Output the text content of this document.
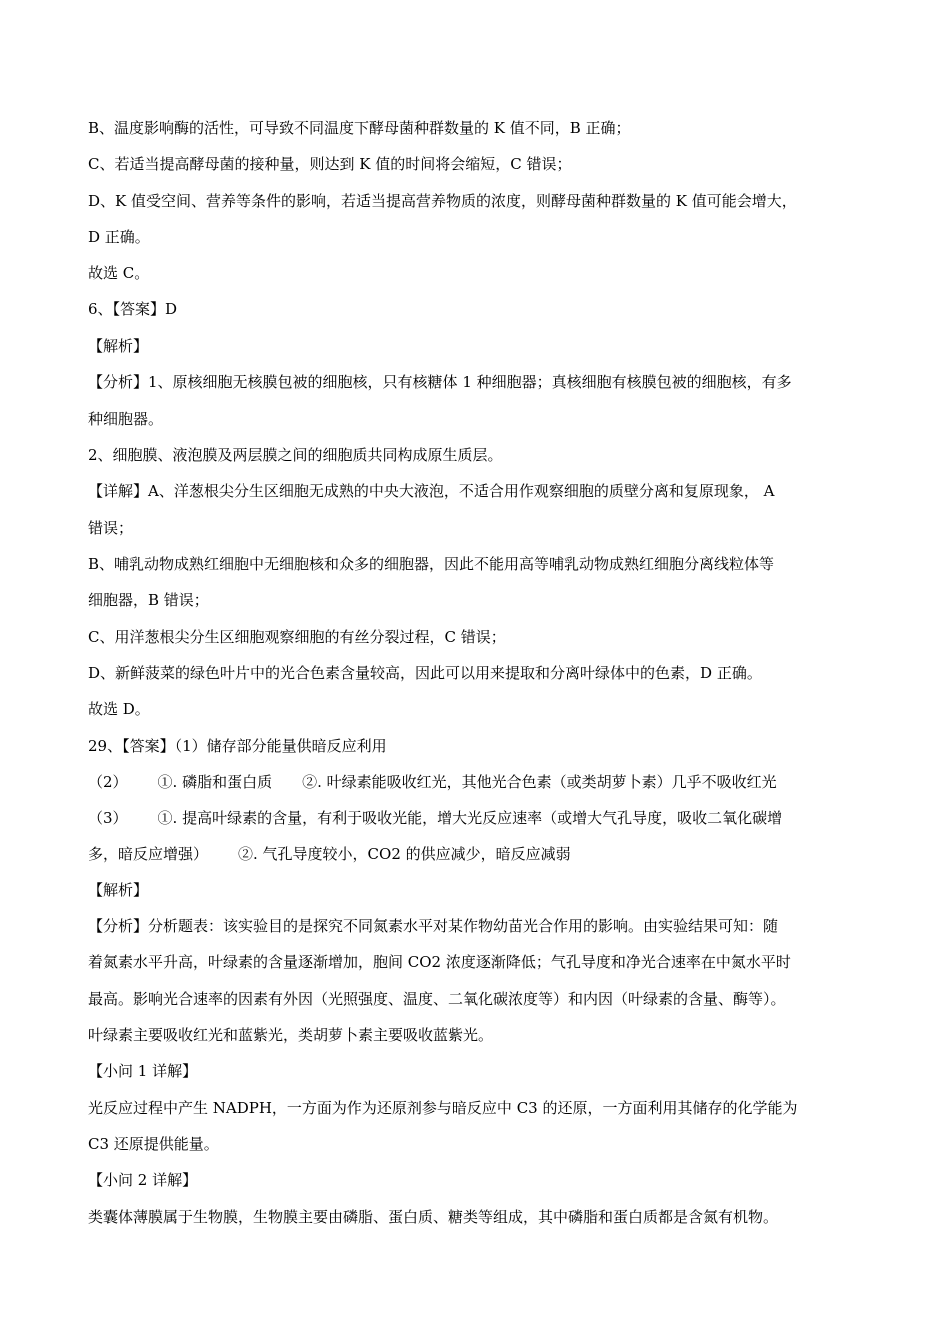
B、温度影响酶的活性，可导致不同温度下酵母菌种群数量的 K 值不同，B 正确；
C、若适当提高酵母菌的接种量，则达到 K 值的时间将会缩短，C 错误；
D、K 值受空间、营养等条件的影响，若适当提高营养物质的浓度，则酵母菌种群数量的 K 值可能会增大，
D 正确。
故选 C。
6、【答案】D
【解析】
【分析】1、原核细胞无核膜包被的细胞核，只有核糖体 1 种细胞器；真核细胞有核膜包被的细胞核，有多
种细胞器。
2、细胞膜、液泡膜及两层膜之间的细胞质共同构成原生质层。
【详解】A、洋葱根尖分生区细胞无成熟的中央大液泡，不适合用作观察细胞的质壁分离和复原现象， A
错误；
B、哺乳动物成熟红细胞中无细胞核和众多的细胞器，因此不能用高等哺乳动物成熟红细胞分离线粒体等
细胞器，B 错误；
C、用洋葱根尖分生区细胞观察细胞的有丝分裂过程，C 错误；
D、新鲜菠菜的绿色叶片中的光合色素含量较高，因此可以用来提取和分离叶绿体中的色素，D 正确。
故选 D。
29、【答案】（1）储存部分能量供暗反应利用
（2） ①. 磷脂和蛋白质 ②. 叶绿素能吸收红光，其他光合色素（或类胡萝卜素）几乎不吸收红光
（3） ①. 提高叶绿素的含量，有利于吸收光能，增大光反应速率（或增大气孔导度，吸收二氧化碳增
多，暗反应增强） ②. 气孔导度较小，CO2 的供应减少，暗反应减弱
【解析】
【分析】分析题表：该实验目的是探究不同氮素水平对某作物幼苗光合作用的影响。由实验结果可知：随
着氮素水平升高，叶绿素的含量逐渐增加，胞间 CO2 浓度逐渐降低；气孔导度和净光合速率在中氮水平时
最高。影响光合速率的因素有外因（光照强度、温度、二氧化碳浓度等）和内因（叶绿素的含量、酶等）。
叶绿素主要吸收红光和蓝紫光，类胡萝卜素主要吸收蓝紫光。
【小问 1 详解】
光反应过程中产生 NADPH，一方面为作为还原剂参与暗反应中 C3 的还原，一方面利用其储存的化学能为
C3 还原提供能量。
【小问 2 详解】
类囊体薄膜属于生物膜，生物膜主要由磷脂、蛋白质、糖类等组成，其中磷脂和蛋白质都是含氮有机物。
